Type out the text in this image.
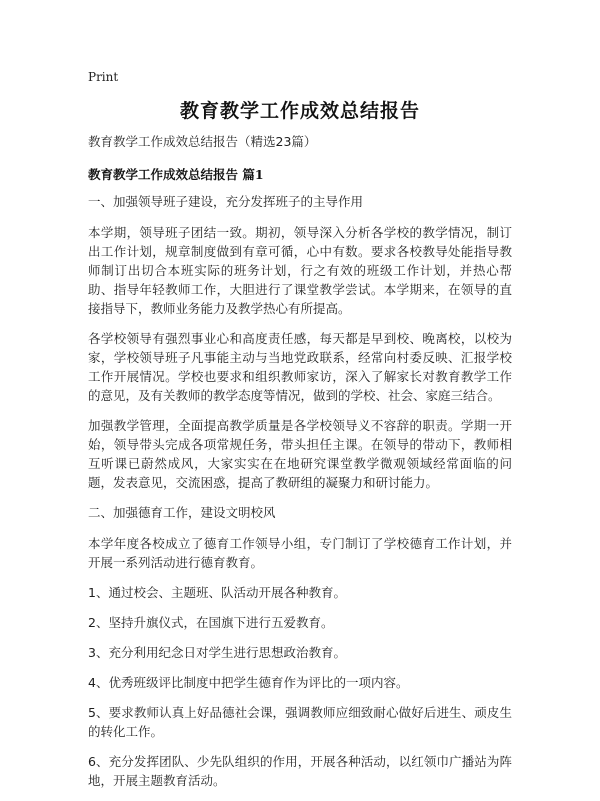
Print
教育教学工作成效总结报告

教育教学工作成效总结报告（精选23篇）

教育教学工作成效总结报告 篇1

一、加强领导班子建设，充分发挥班子的主导作用

本学期，领导班子团结一致。期初，领导深入分析各学校的教学情况，制订出工作计划，规章制度做到有章可循，心中有数。要求各校教导处能指导教师制订出切合本班实际的班务计划，行之有效的班级工作计划，并热心帮助、指导年轻教师工作，大胆进行了课堂教学尝试。本学期来，在领导的直接指导下，教师业务能力及教学热心有所提高。

各学校领导有强烈事业心和高度责任感，每天都是早到校、晚离校，以校为家，学校领导班子凡事能主动与当地党政联系，经常向村委反映、汇报学校工作开展情况。学校也要求和组织教师家访，深入了解家长对教育教学工作的意见，及有关教师的教学态度等情况，做到的学校、社会、家庭三结合。

加强教学管理，全面提高教学质量是各学校领导义不容辞的职责。学期一开始，领导带头完成各项常规任务，带头担任主课。在领导的带动下，教师相互听课已蔚然成风，大家实实在在地研究课堂教学微观领域经常面临的问题，发表意见，交流困惑，提高了教研组的凝聚力和研讨能力。

二、加强德育工作，建设文明校风

本学年度各校成立了德育工作领导小组，专门制订了学校德育工作计划，并开展一系列活动进行德育教育。

1、通过校会、主题班、队活动开展各种教育。

2、坚持升旗仪式，在国旗下进行五爱教育。

3、充分利用纪念日对学生进行思想政治教育。

4、优秀班级评比制度中把学生德育作为评比的一项内容。

5、要求教师认真上好品德社会课，强调教师应细致耐心做好后进生、顽皮生的转化工作。

6、充分发挥团队、少先队组织的作用，开展各种活动，以红领巾广播站为阵地，开展主题教育活动。
